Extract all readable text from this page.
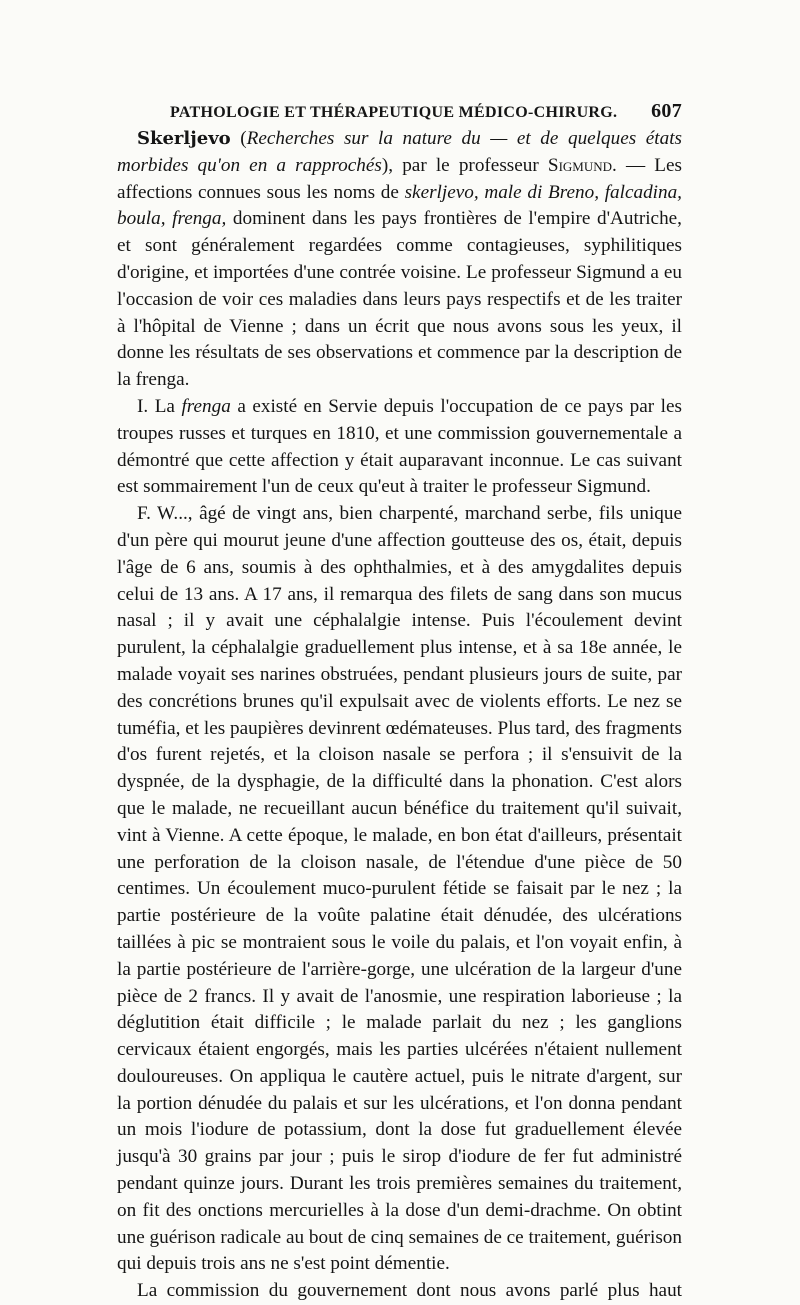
PATHOLOGIE ET THÉRAPEUTIQUE MÉDICO-CHIRURG. 607

Skerljevo (Recherches sur la nature du — et de quelques états morbides qu'on en a rapprochés), par le professeur Sigmund. — Les affections connues sous les noms de skerljevo, male di Breno, falcadina, boula, frenga, dominent dans les pays frontières de l'empire d'Autriche, et sont généralement regardées comme contagieuses, syphilitiques d'origine, et importées d'une contrée voisine. Le professeur Sigmund a eu l'occasion de voir ces maladies dans leurs pays respectifs et de les traiter à l'hôpital de Vienne ; dans un écrit que nous avons sous les yeux, il donne les résultats de ses observations et commence par la description de la frenga.

I. La frenga a existé en Servie depuis l'occupation de ce pays par les troupes russes et turques en 1810, et une commission gouvernementale a démontré que cette affection y était auparavant inconnue. Le cas suivant est sommairement l'un de ceux qu'eut à traiter le professeur Sigmund.

F. W..., âgé de vingt ans, bien charpenté, marchand serbe, fils unique d'un père qui mourut jeune d'une affection goutteuse des os, était, depuis l'âge de 6 ans, soumis à des ophthalmies, et à des amygdalites depuis celui de 13 ans. A 17 ans, il remarqua des filets de sang dans son mucus nasal ; il y avait une céphalalgie intense. Puis l'écoulement devint purulent, la céphalalgie graduellement plus intense, et à sa 18e année, le malade voyait ses narines obstruées, pendant plusieurs jours de suite, par des concrétions brunes qu'il expulsait avec de violents efforts. Le nez se tuméfia, et les paupières devinrent œdémateuses. Plus tard, des fragments d'os furent rejetés, et la cloison nasale se perfora ; il s'ensuivit de la dyspnée, de la dysphagie, de la difficulté dans la phonation. C'est alors que le malade, ne recueillant aucun bénéfice du traitement qu'il suivait, vint à Vienne. A cette époque, le malade, en bon état d'ailleurs, présentait une perforation de la cloison nasale, de l'étendue d'une pièce de 50 centimes. Un écoulement muco-purulent fétide se faisait par le nez ; la partie postérieure de la voûte palatine était dénudée, des ulcérations taillées à pic se montraient sous le voile du palais, et l'on voyait enfin, à la partie postérieure de l'arrière-gorge, une ulcération de la largeur d'une pièce de 2 francs. Il y avait de l'anosmie, une respiration laborieuse ; la déglutition était difficile ; le malade parlait du nez ; les ganglions cervicaux étaient engorgés, mais les parties ulcérées n'étaient nullement douloureuses. On appliqua le cautère actuel, puis le nitrate d'argent, sur la portion dénudée du palais et sur les ulcérations, et l'on donna pendant un mois l'iodure de potassium, dont la dose fut graduellement élevée jusqu'à 30 grains par jour ; puis le sirop d'iodure de fer fut administré pendant quinze jours. Durant les trois premières semaines du traitement, on fit des onctions mercurielles à la dose d'un demi-drachme. On obtint une guérison radicale au bout de cinq semaines de ce traitement, guérison qui depuis trois ans ne s'est point démentie.

La commission du gouvernement dont nous avons parlé plus haut
